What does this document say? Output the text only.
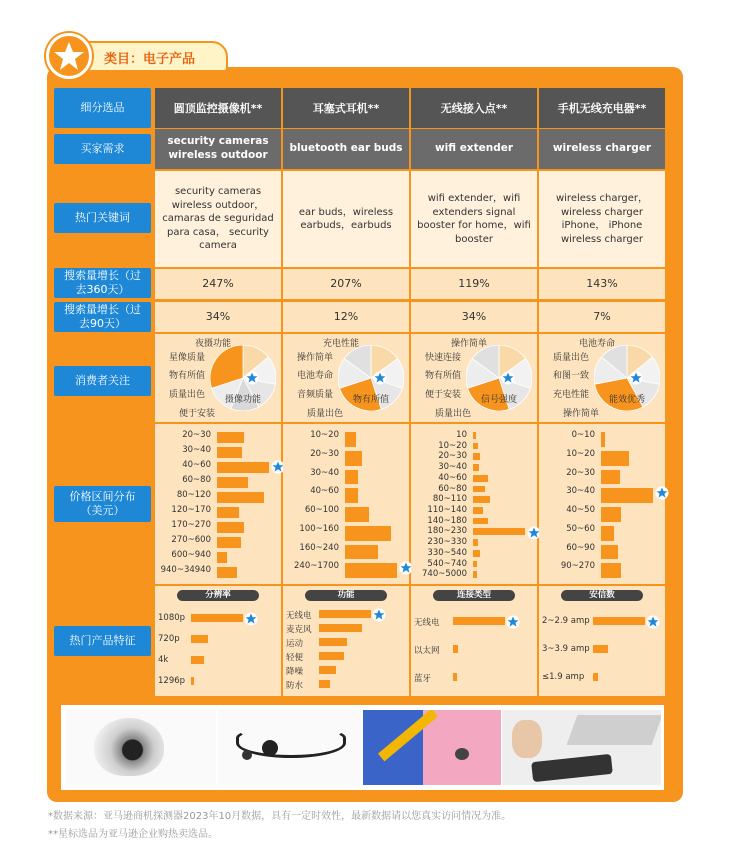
类目：电子产品
细分选品
买家需求
热门关键词
搜索量增长（过去360天）
搜索量增长（过去90天）
消费者关注
价格区间分布（美元）
热门产品特征
圆顶监控摄像机**
security cameras wireless outdoor
security cameras wireless outdoor，camaras de seguridad para casa， security camera
247%
34%
夜摄功能
星像质量
物有所值
质量出色
便于安装
摄像功能
20~30
30~40
40~60
60~80
80~120
120~170
170~270
270~600
600~940
940~34940
分辨率
1080p
720p
4k
1296p
耳塞式耳机**
bluetooth ear buds
ear buds，wireless earbuds，earbuds
207%
12%
充电性能
操作简单
电池寿命
音频质量
质量出色
物有所值
10~20
20~30
30~40
40~60
60~100
100~160
160~240
240~1700
功能
无线电
麦克风
运动
轻便
降噪
防水
无线接入点**
wifi extender
wifi extender，wifi extenders signal booster for home，wifi booster
119%
34%
操作简单
快速连接
物有所值
便于安装
质量出色
信号强度
10
10~20
20~30
30~40
40~60
60~80
80~110
110~140
140~180
180~230
230~330
330~540
540~740
740~5000
连接类型
无线电
以太网
蓝牙
手机无线充电器**
wireless charger
wireless charger，wireless charger iPhone， iPhone wireless charger
143%
7%
电池寿命
质量出色
和图一致
充电性能
操作简单
能效优秀
0~10
10~20
20~30
30~40
40~50
50~60
60~90
90~270
安信数
2~2.9 amp
3~3.9 amp
≤1.9 amp
*数据来源：亚马逊商机探测器2023年10月数据，具有一定时效性，最新数据请以您真实访问情况为准。
**星标选品为亚马逊企业购热卖选品。
